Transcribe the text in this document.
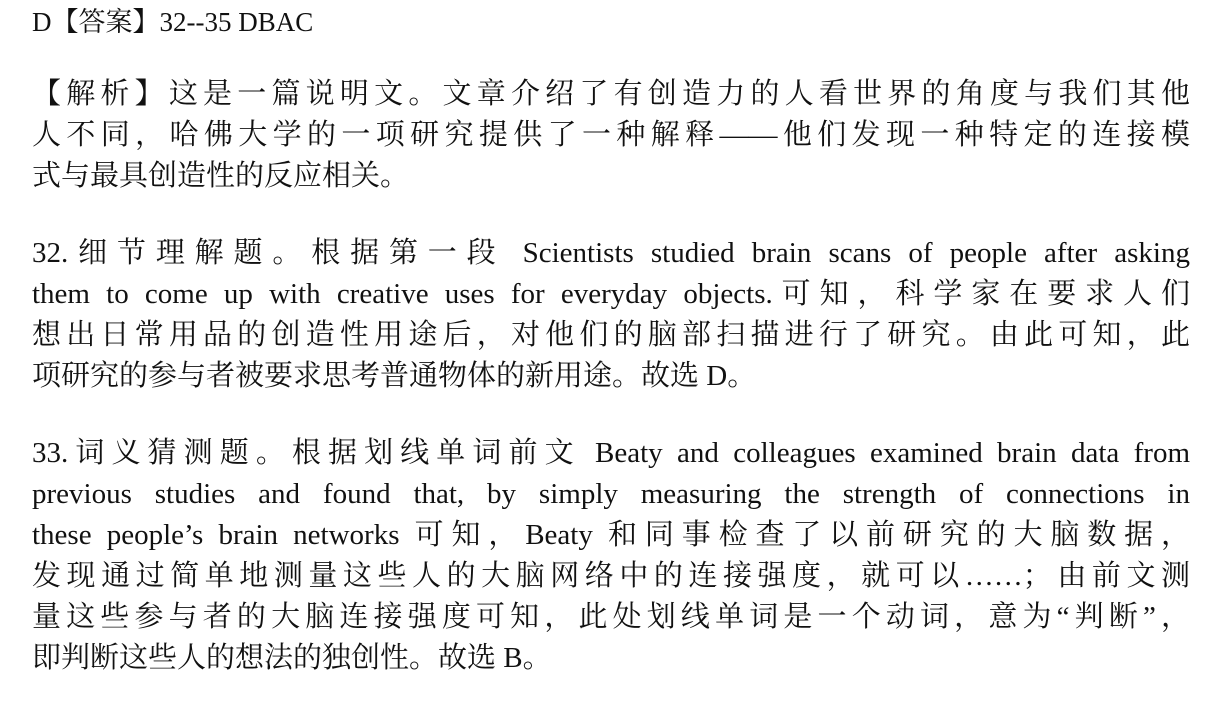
D【答案】32--35 DBAC
【解析】这是一篇说明文。文章介绍了有创造力的人看世界的角度与我们其他
人不同，哈佛大学的一项研究提供了一种解释——他们发现一种特定的连接模
式与最具创造性的反应相关。
32.细节理解题。根据第一段 Scientists studied brain scans of people after asking
them to come up with creative uses for everyday objects.可知，科学家在要求人们
想出日常用品的创造性用途后，对他们的脑部扫描进行了研究。由此可知，此
项研究的参与者被要求思考普通物体的新用途。故选 D。
33.词义猜测题。根据划线单词前文 Beaty and colleagues examined brain data from
previous studies and found that, by simply measuring the strength of connections in
these people’s brain networks 可知，Beaty 和同事检查了以前研究的大脑数据，
发现通过简单地测量这些人的大脑网络中的连接强度，就可以……；由前文测
量这些参与者的大脑连接强度可知，此处划线单词是一个动词，意为“判断”，
即判断这些人的想法的独创性。故选 B。
